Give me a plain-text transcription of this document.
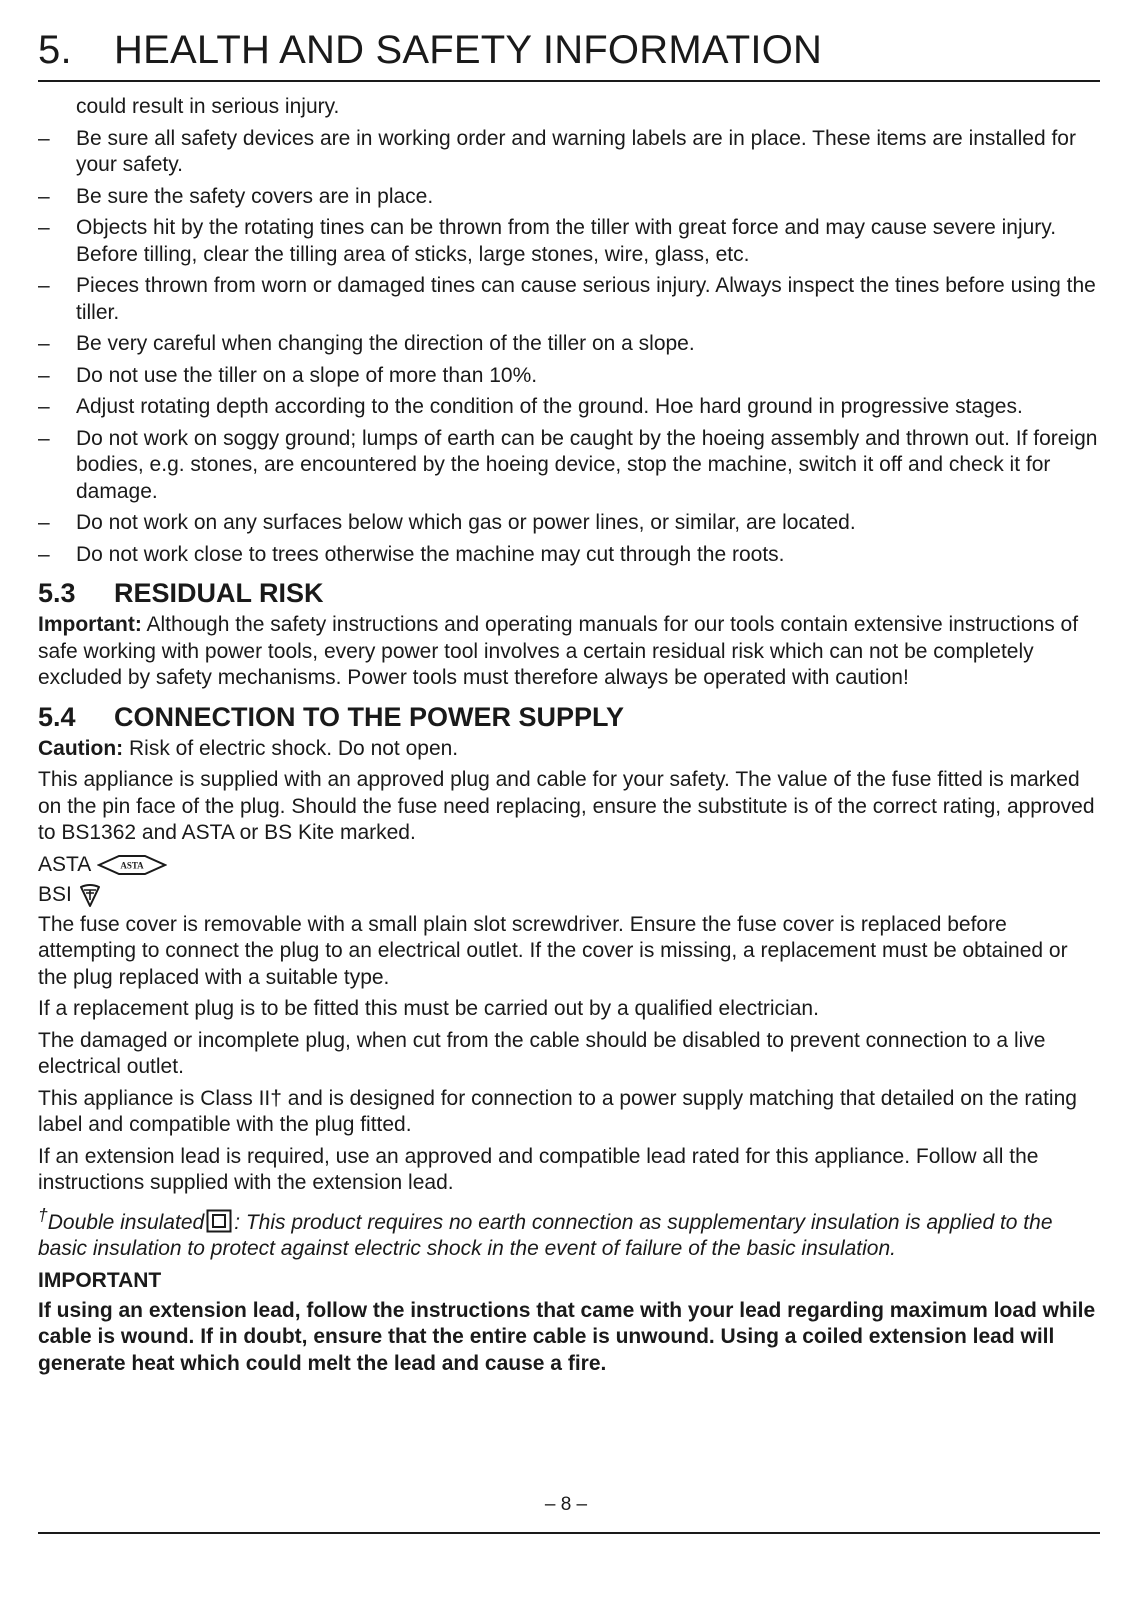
5. HEALTH AND SAFETY INFORMATION
could result in serious injury.
– Be sure all safety devices are in working order and warning labels are in place. These items are installed for your safety.
– Be sure the safety covers are in place.
– Objects hit by the rotating tines can be thrown from the tiller with great force and may cause severe injury. Before tilling, clear the tilling area of sticks, large stones, wire, glass, etc.
– Pieces thrown from worn or damaged tines can cause serious injury. Always inspect the tines before using the tiller.
– Be very careful when changing the direction of the tiller on a slope.
– Do not use the tiller on a slope of more than 10%.
– Adjust rotating depth according to the condition of the ground. Hoe hard ground in progressive stages.
– Do not work on soggy ground; lumps of earth can be caught by the hoeing assembly and thrown out. If foreign bodies, e.g. stones, are encountered by the hoeing device, stop the machine, switch it off and check it for damage.
– Do not work on any surfaces below which gas or power lines, or similar, are located.
– Do not work close to trees otherwise the machine may cut through the roots.
5.3 RESIDUAL RISK

Important: Although the safety instructions and operating manuals for our tools contain extensive instructions of safe working with power tools, every power tool involves a certain residual risk which can not be completely excluded by safety mechanisms. Power tools must therefore always be operated with caution!

5.4 CONNECTION TO THE POWER SUPPLY

Caution: Risk of electric shock. Do not open.

This appliance is supplied with an approved plug and cable for your safety. The value of the fuse fitted is marked on the pin face of the plug. Should the fuse need replacing, ensure the substitute is of the correct rating, approved to BS1362 and ASTA or BS Kite marked.

ASTA	ASTA
BSI

The fuse cover is removable with a small plain slot screwdriver. Ensure the fuse cover is replaced before attempting to connect the plug to an electrical outlet. If the cover is missing, a replacement must be obtained or the plug replaced with a suitable type.

If a replacement plug is to be fitted this must be carried out by a qualified electrician.

The damaged or incomplete plug, when cut from the cable should be disabled to prevent connection to a live electrical outlet.

This appliance is Class II† and is designed for connection to a power supply matching that detailed on the rating label and compatible with the plug fitted.

If an extension lead is required, use an approved and compatible lead rated for this appliance. Follow all the instructions supplied with the extension lead.

†Double insulated : This product requires no earth connection as supplementary insulation is applied to the basic insulation to protect against electric shock in the event of failure of the basic insulation.

IMPORTANT

If using an extension lead, follow the instructions that came with your lead regarding maximum load while cable is wound. If in doubt, ensure that the entire cable is unwound. Using a coiled extension lead will generate heat which could melt the lead and cause a fire.

– 8 –
